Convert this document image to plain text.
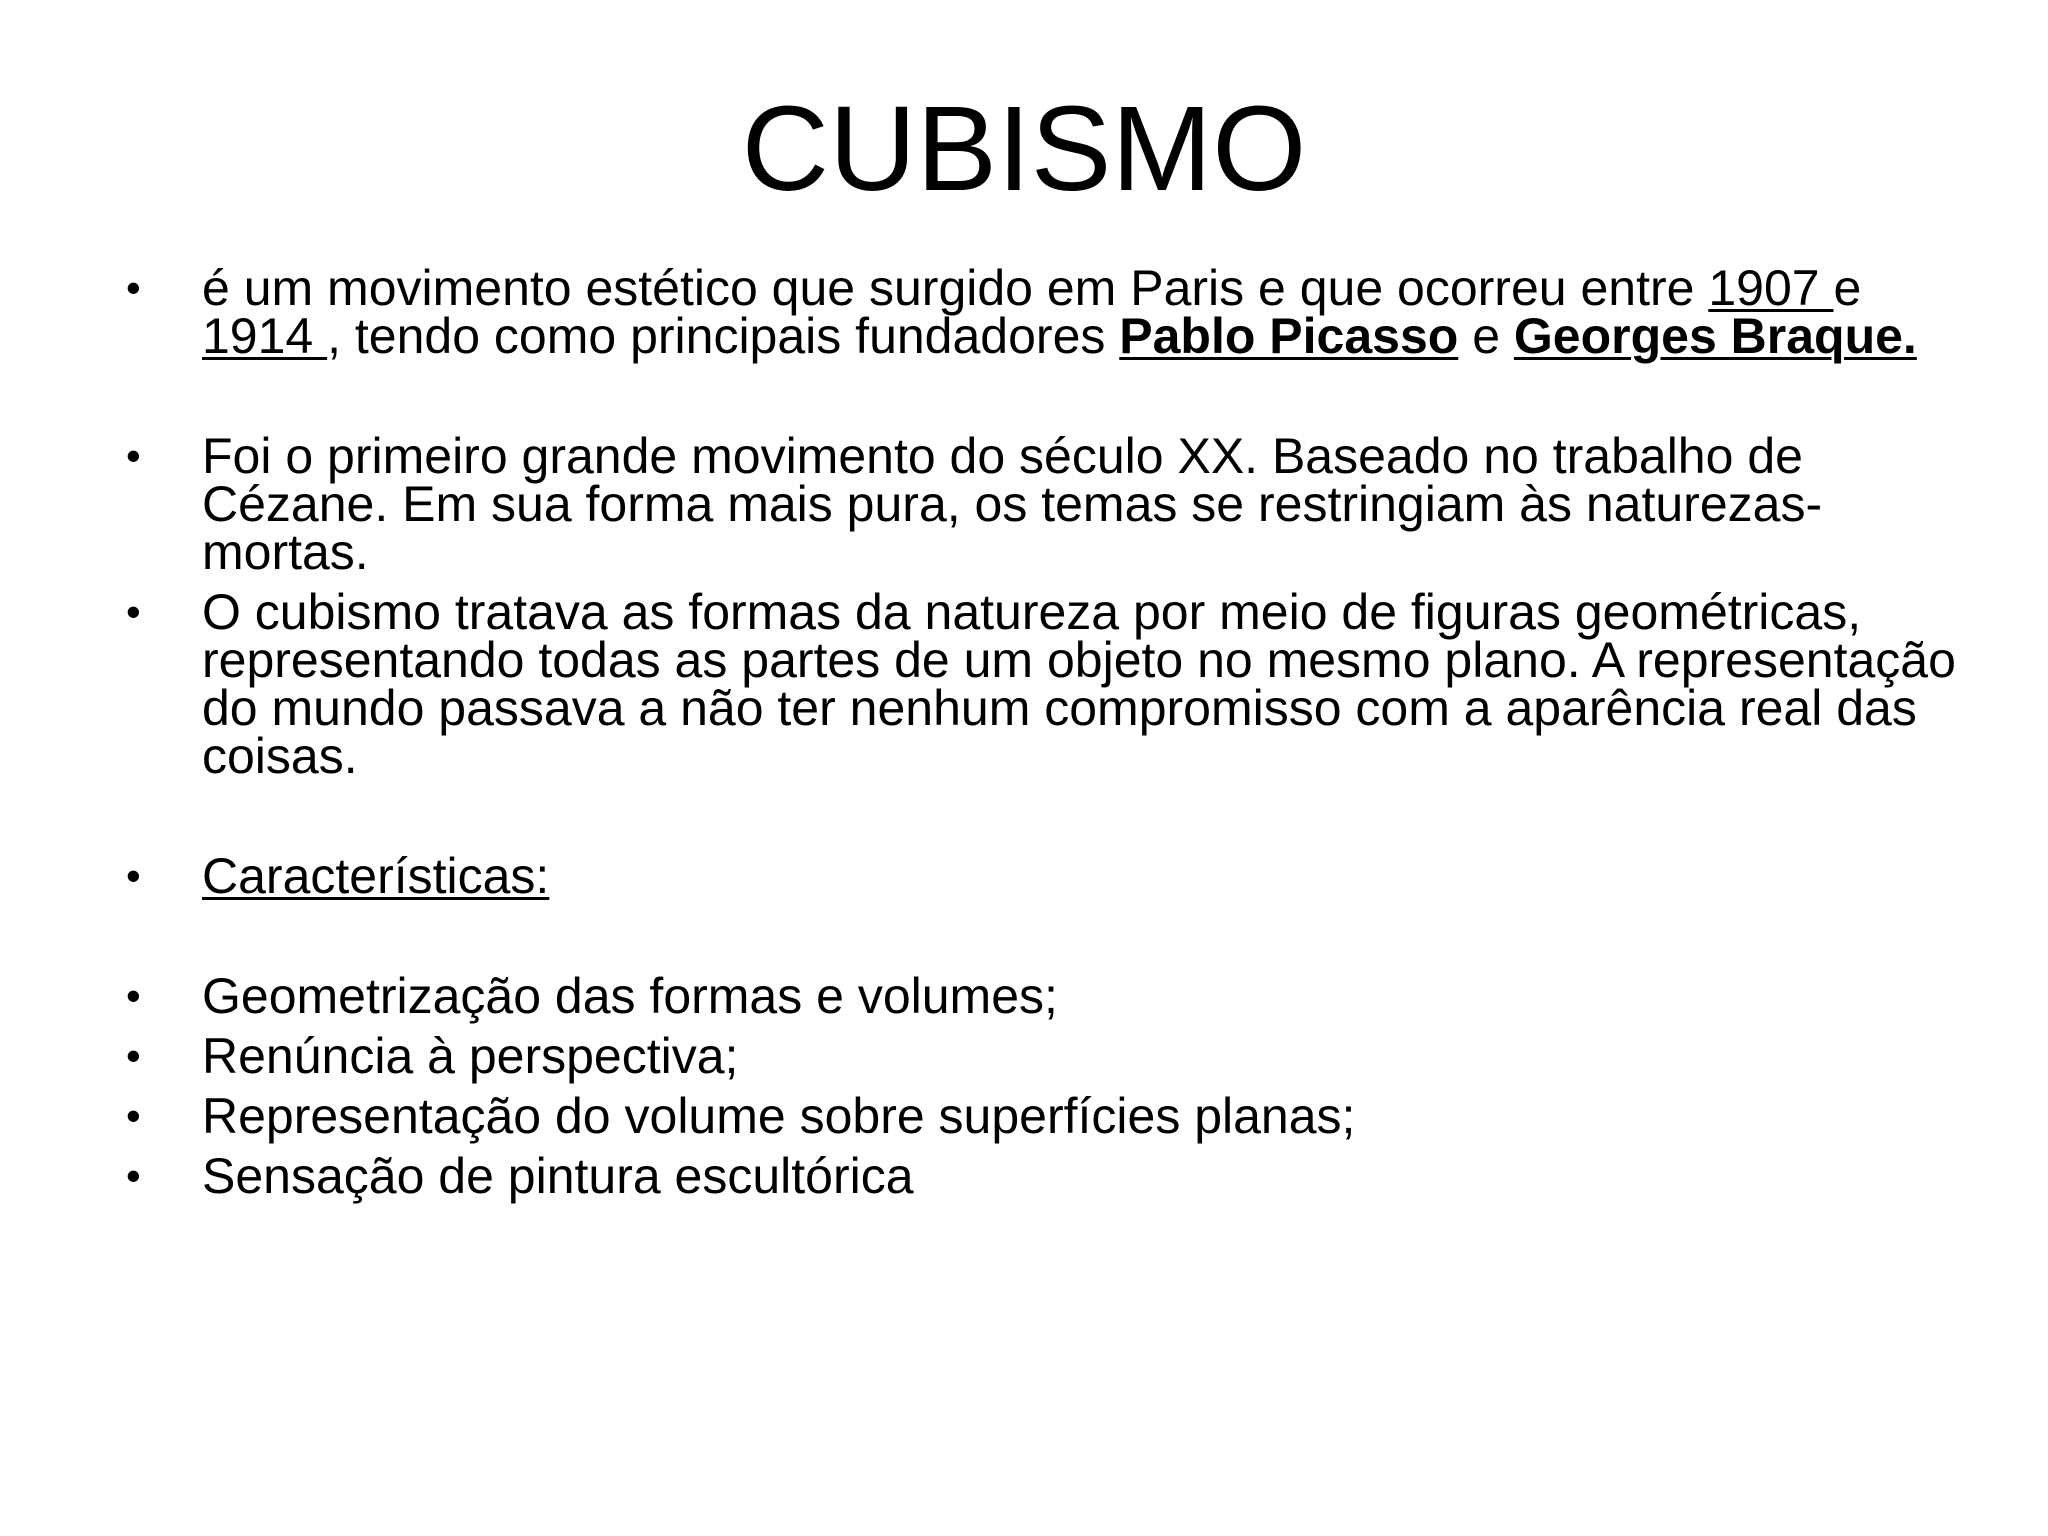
CUBISMO
• é um movimento estético que surgido em Paris e que ocorreu entre 1907 e 1914 , tendo como principais fundadores Pablo Picasso e Georges Braque.
• Foi o primeiro grande movimento do século XX. Baseado no trabalho de Cézane. Em sua forma mais pura, os temas se restringiam às naturezas-mortas.
• O cubismo tratava as formas da natureza por meio de figuras geométricas, representando todas as partes de um objeto no mesmo plano. A representação do mundo passava a não ter nenhum compromisso com a aparência real das coisas.
• Características:
• Geometrização das formas e volumes;
• Renúncia à perspectiva;
• Representação do volume sobre superfícies planas;
• Sensação de pintura escultórica
